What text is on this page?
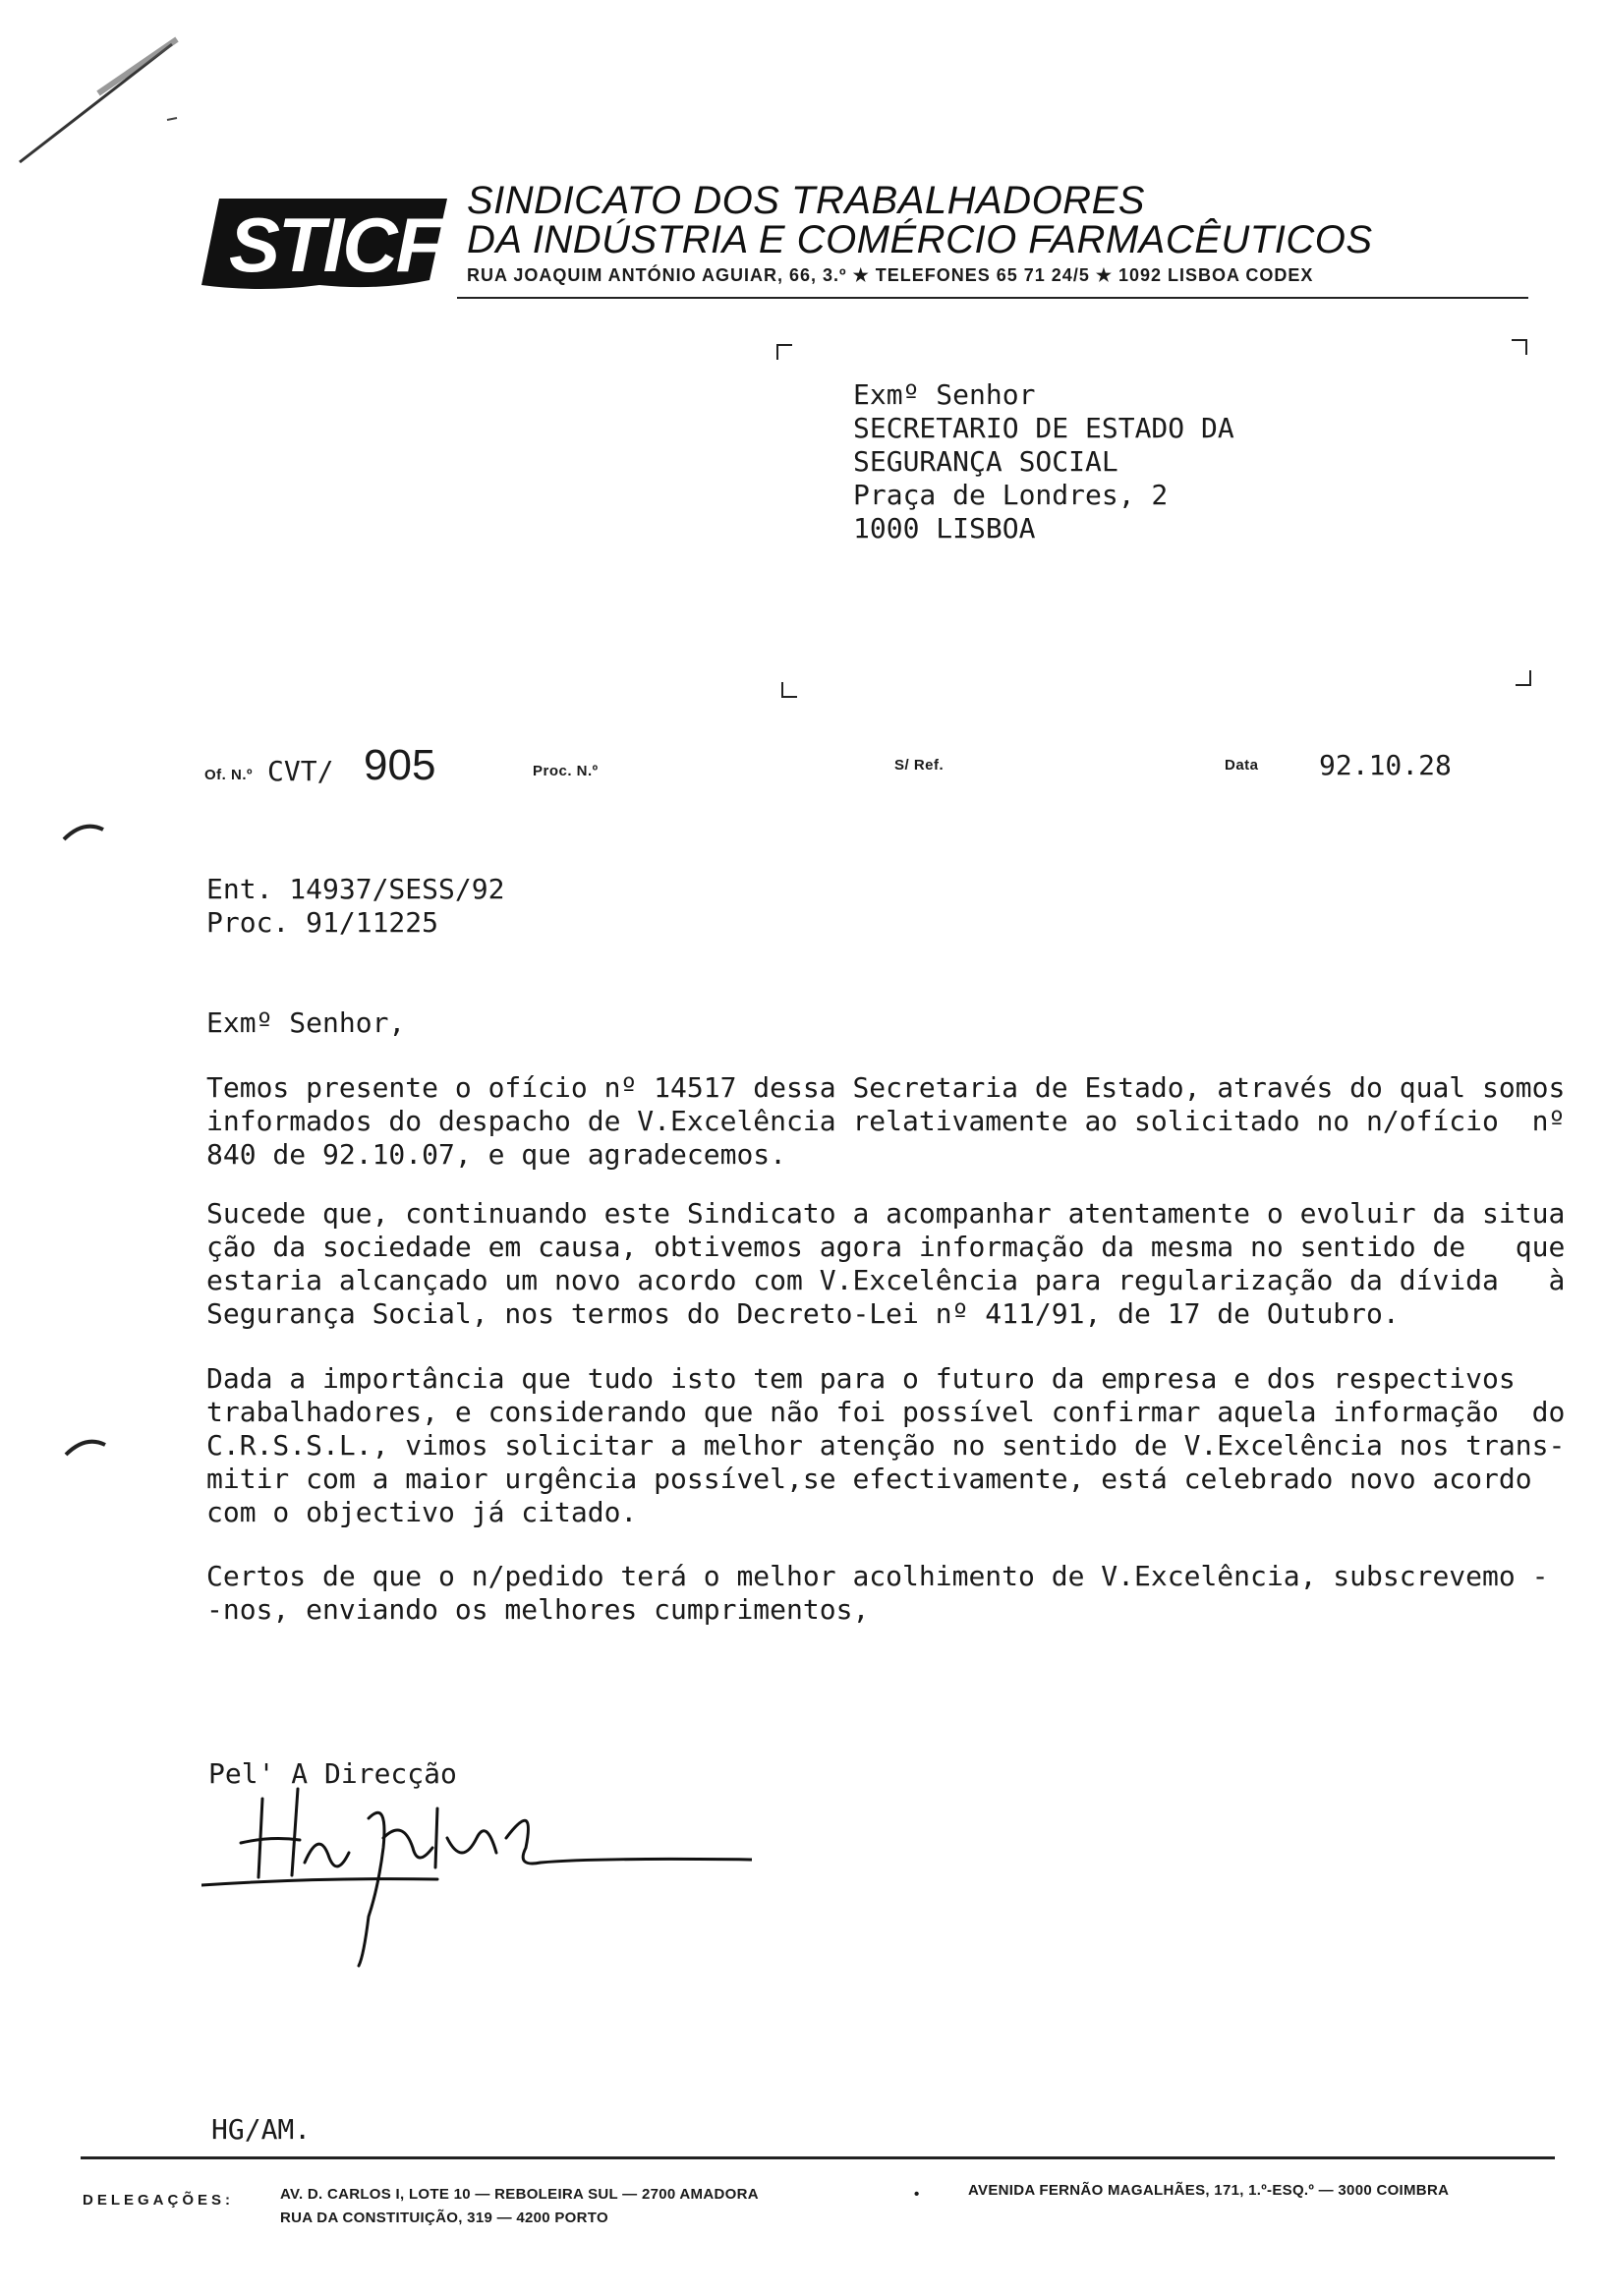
STICF
SINDICATO DOS TRABALHADORES
DA INDÚSTRIA E COMÉRCIO FARMACÊUTICOS
RUA JOAQUIM ANTÓNIO AGUIAR, 66, 3.º ★ TELEFONES 65 71 24/5 ★ 1092 LISBOA CODEX
Exmº Senhor
SECRETARIO DE ESTADO DA
SEGURANÇA SOCIAL
Praça de Londres, 2
1000 LISBOA
Of. N.º CVT/ 905	Proc. N.º	S/ Ref.	Data 92.10.28
Ent. 14937/SESS/92
Proc. 91/11225
Exmº Senhor,
Temos presente o ofício nº 14517 dessa Secretaria de Estado, através do qual somos
informados do despacho de V.Excelência relativamente ao solicitado no n/ofício  nº
840 de 92.10.07, e que agradecemos.
Sucede que, continuando este Sindicato a acompanhar atentamente o evoluir da situa
ção da sociedade em causa, obtivemos agora informação da mesma no sentido de   que
estaria alcançado um novo acordo com V.Excelência para regularização da dívida   à
Segurança Social, nos termos do Decreto-Lei nº 411/91, de 17 de Outubro.
Dada a importância que tudo isto tem para o futuro da empresa e dos respectivos
trabalhadores, e considerando que não foi possível confirmar aquela informação  do
C.R.S.S.L., vimos solicitar a melhor atenção no sentido de V.Excelência nos trans-
mitir com a maior urgência possível,se efectivamente, está celebrado novo acordo
com o objectivo já citado.
Certos de que o n/pedido terá o melhor acolhimento de V.Excelência, subscrevemo -
-nos, enviando os melhores cumprimentos,
Pel' A Direcção
HG/AM.
DELEGAÇÕES:	AV. D. CARLOS I, LOTE 10 — REBOLEIRA SUL — 2700 AMADORA	•	AVENIDA FERNÃO MAGALHÃES, 171, 1.º-ESQ.º — 3000 COIMBRA
RUA DA CONSTITUIÇÃO, 319 — 4200 PORTO
